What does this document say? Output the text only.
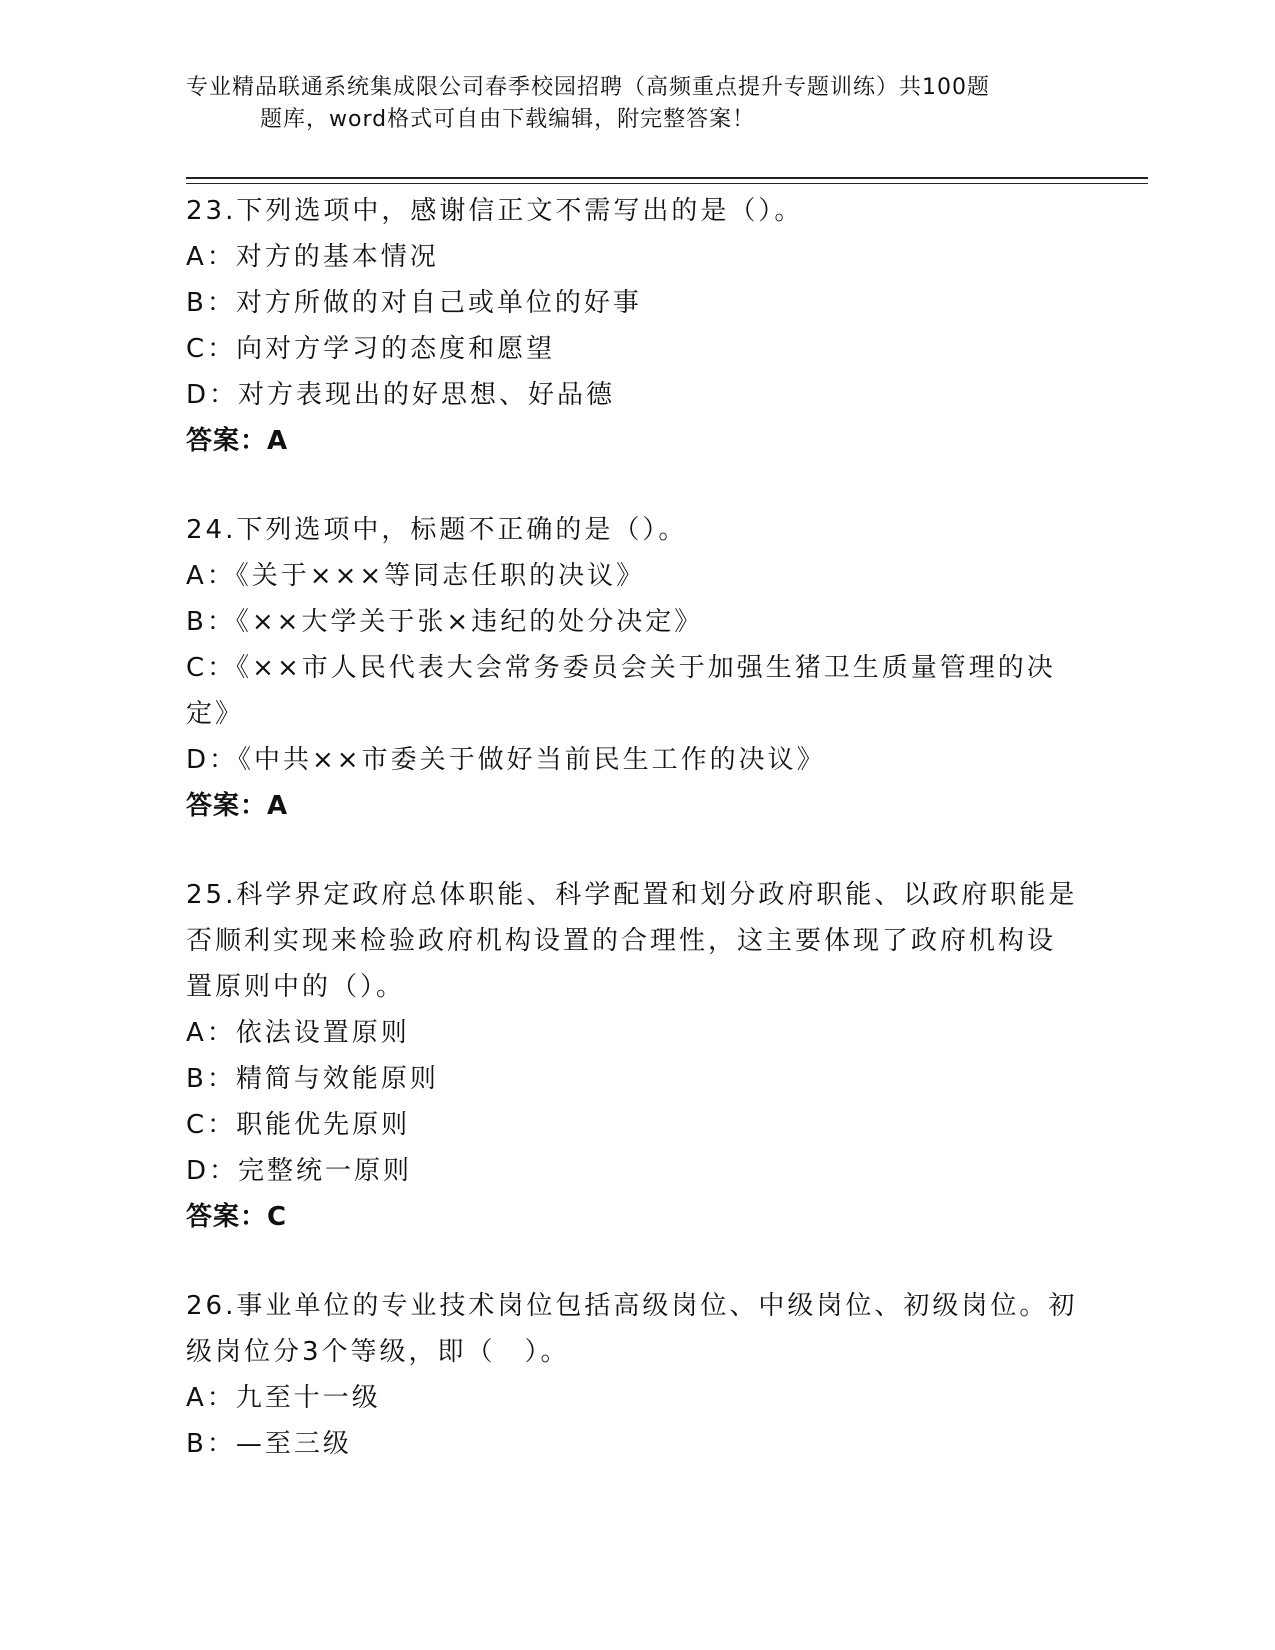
专业精品联通系统集成限公司春季校园招聘（高频重点提升专题训练）共100题
题库，word格式可自由下载编辑，附完整答案！
23.下列选项中，感谢信正文不需写出的是（）。
A：对方的基本情况
B：对方所做的对自己或单位的好事
C：向对方学习的态度和愿望
D：对方表现出的好思想、好品德
答案：A
24.下列选项中，标题不正确的是（）。
A：《关于×××等同志任职的决议》
B：《××大学关于张×违纪的处分决定》
C：《××市人民代表大会常务委员会关于加强生猪卫生质量管理的决
定》
D：《中共××市委关于做好当前民生工作的决议》
答案：A
25.科学界定政府总体职能、科学配置和划分政府职能、以政府职能是
否顺利实现来检验政府机构设置的合理性，这主要体现了政府机构设
置原则中的（）。
A：依法设置原则
B：精简与效能原则
C：职能优先原则
D：完整统一原则
答案：C
26.事业单位的专业技术岗位包括高级岗位、中级岗位、初级岗位。初
级岗位分3个等级，即（　）。
A：九至十一级
B：—至三级
